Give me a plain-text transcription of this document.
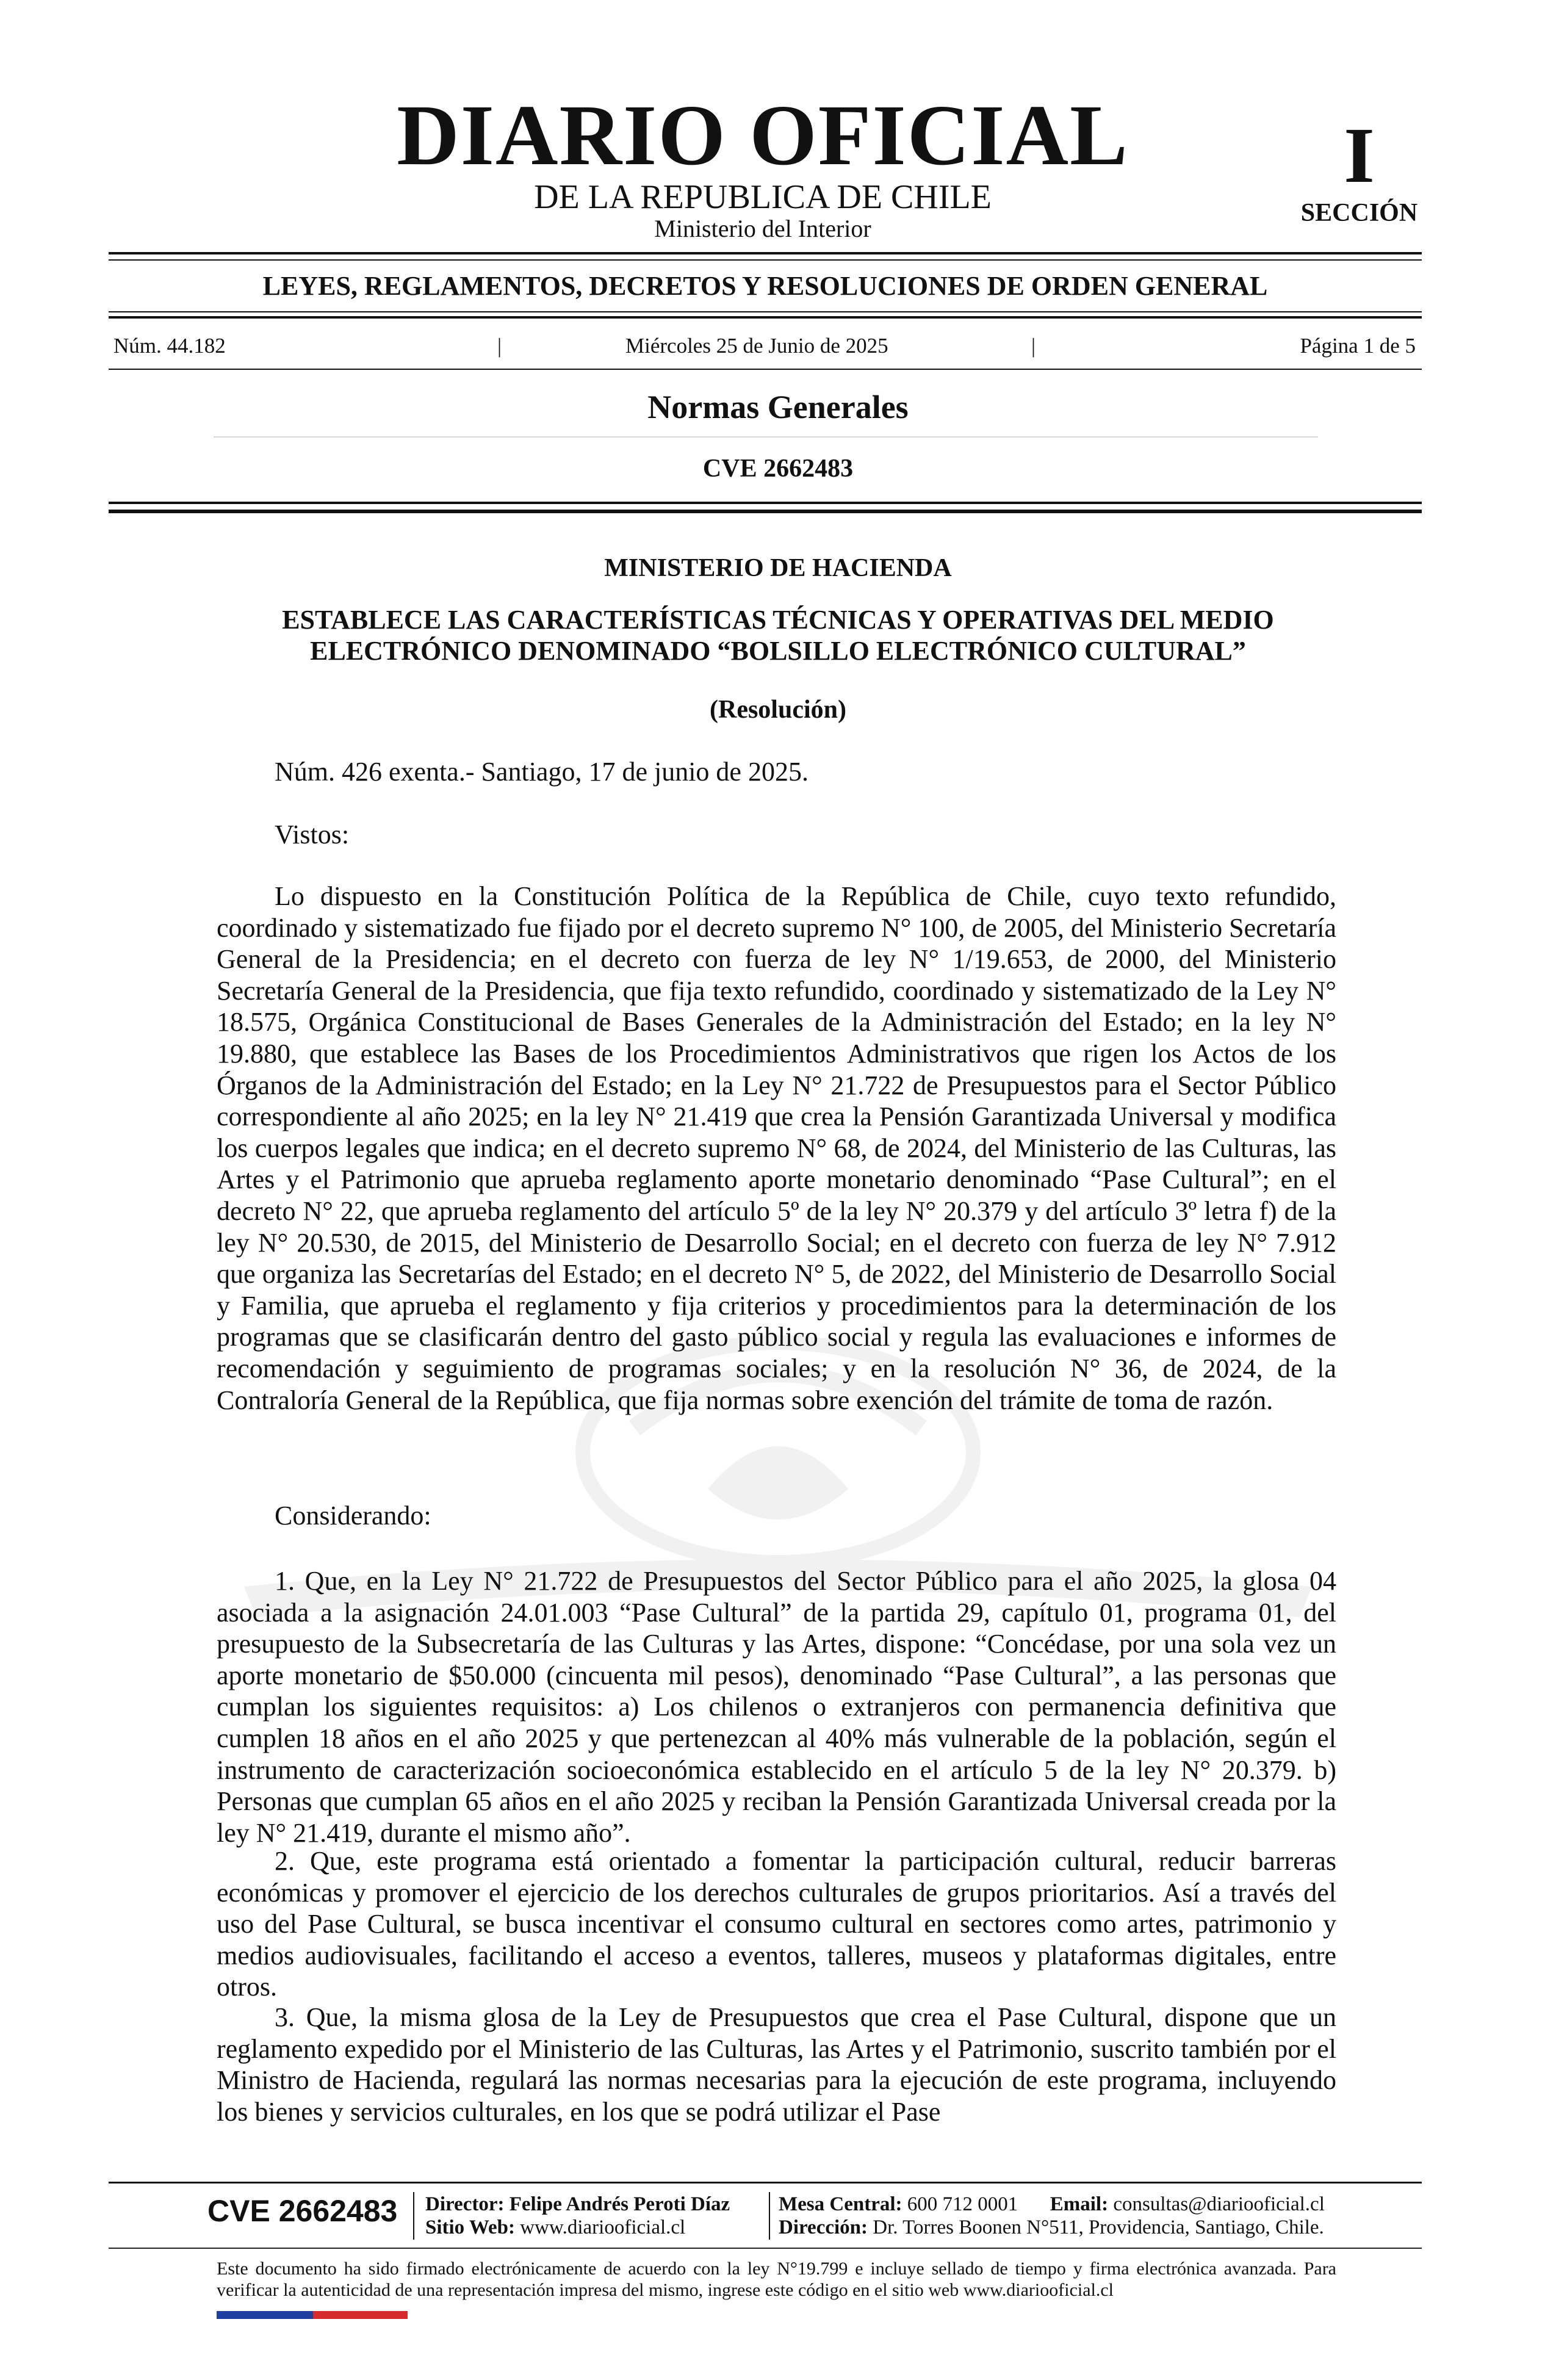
DIARIO OFICIAL
DE LA REPUBLICA DE CHILE
Ministerio del Interior
I
SECCIÓN
LEYES, REGLAMENTOS, DECRETOS Y RESOLUCIONES DE ORDEN GENERAL
Núm. 44.182	|	Miércoles 25 de Junio de 2025	|	Página 1 de 5
Normas Generales
CVE 2662483
MINISTERIO DE HACIENDA
ESTABLECE LAS CARACTERÍSTICAS TÉCNICAS Y OPERATIVAS DEL MEDIO ELECTRÓNICO DENOMINADO “BOLSILLO ELECTRÓNICO CULTURAL”
(Resolución)
Núm. 426 exenta.- Santiago, 17 de junio de 2025.
Vistos:
Lo dispuesto en la Constitución Política de la República de Chile, cuyo texto refundido, coordinado y sistematizado fue fijado por el decreto supremo N° 100, de 2005, del Ministerio Secretaría General de la Presidencia; en el decreto con fuerza de ley N° 1/19.653, de 2000, del Ministerio Secretaría General de la Presidencia, que fija texto refundido, coordinado y sistematizado de la Ley N° 18.575, Orgánica Constitucional de Bases Generales de la Administración del Estado; en la ley N° 19.880, que establece las Bases de los Procedimientos Administrativos que rigen los Actos de los Órganos de la Administración del Estado; en la Ley N° 21.722 de Presupuestos para el Sector Público correspondiente al año 2025; en la ley N° 21.419 que crea la Pensión Garantizada Universal y modifica los cuerpos legales que indica; en el decreto supremo N° 68, de 2024, del Ministerio de las Culturas, las Artes y el Patrimonio que aprueba reglamento aporte monetario denominado “Pase Cultural”; en el decreto N° 22, que aprueba reglamento del artículo 5º de la ley N° 20.379 y del artículo 3º letra f) de la ley N° 20.530, de 2015, del Ministerio de Desarrollo Social; en el decreto con fuerza de ley N° 7.912 que organiza las Secretarías del Estado; en el decreto N° 5, de 2022, del Ministerio de Desarrollo Social y Familia, que aprueba el reglamento y fija criterios y procedimientos para la determinación de los programas que se clasificarán dentro del gasto público social y regula las evaluaciones e informes de recomendación y seguimiento de programas sociales; y en la resolución N° 36, de 2024, de la Contraloría General de la República, que fija normas sobre exención del trámite de toma de razón.
Considerando:
1. Que, en la Ley N° 21.722 de Presupuestos del Sector Público para el año 2025, la glosa 04 asociada a la asignación 24.01.003 “Pase Cultural” de la partida 29, capítulo 01, programa 01, del presupuesto de la Subsecretaría de las Culturas y las Artes, dispone: “Concédase, por una sola vez un aporte monetario de $50.000 (cincuenta mil pesos), denominado “Pase Cultural”, a las personas que cumplan los siguientes requisitos: a) Los chilenos o extranjeros con permanencia definitiva que cumplen 18 años en el año 2025 y que pertenezcan al 40% más vulnerable de la población, según el instrumento de caracterización socioeconómica establecido en el artículo 5 de la ley N° 20.379. b) Personas que cumplan 65 años en el año 2025 y reciban la Pensión Garantizada Universal creada por la ley N° 21.419, durante el mismo año”.
2. Que, este programa está orientado a fomentar la participación cultural, reducir barreras económicas y promover el ejercicio de los derechos culturales de grupos prioritarios. Así a través del uso del Pase Cultural, se busca incentivar el consumo cultural en sectores como artes, patrimonio y medios audiovisuales, facilitando el acceso a eventos, talleres, museos y plataformas digitales, entre otros.
3. Que, la misma glosa de la Ley de Presupuestos que crea el Pase Cultural, dispone que un reglamento expedido por el Ministerio de las Culturas, las Artes y el Patrimonio, suscrito también por el Ministro de Hacienda, regulará las normas necesarias para la ejecución de este programa, incluyendo los bienes y servicios culturales, en los que se podrá utilizar el Pase
CVE 2662483 Director: Felipe Andrés Peroti Díaz
Sitio Web: www.diariooficial.cl
Mesa Central: 600 712 0001 Email: consultas@diariooficial.cl
Dirección: Dr. Torres Boonen N°511, Providencia, Santiago, Chile.
Este documento ha sido firmado electrónicamente de acuerdo con la ley N°19.799 e incluye sellado de tiempo y firma electrónica avanzada. Para verificar la autenticidad de una representación impresa del mismo, ingrese este código en el sitio web www.diariooficial.cl
